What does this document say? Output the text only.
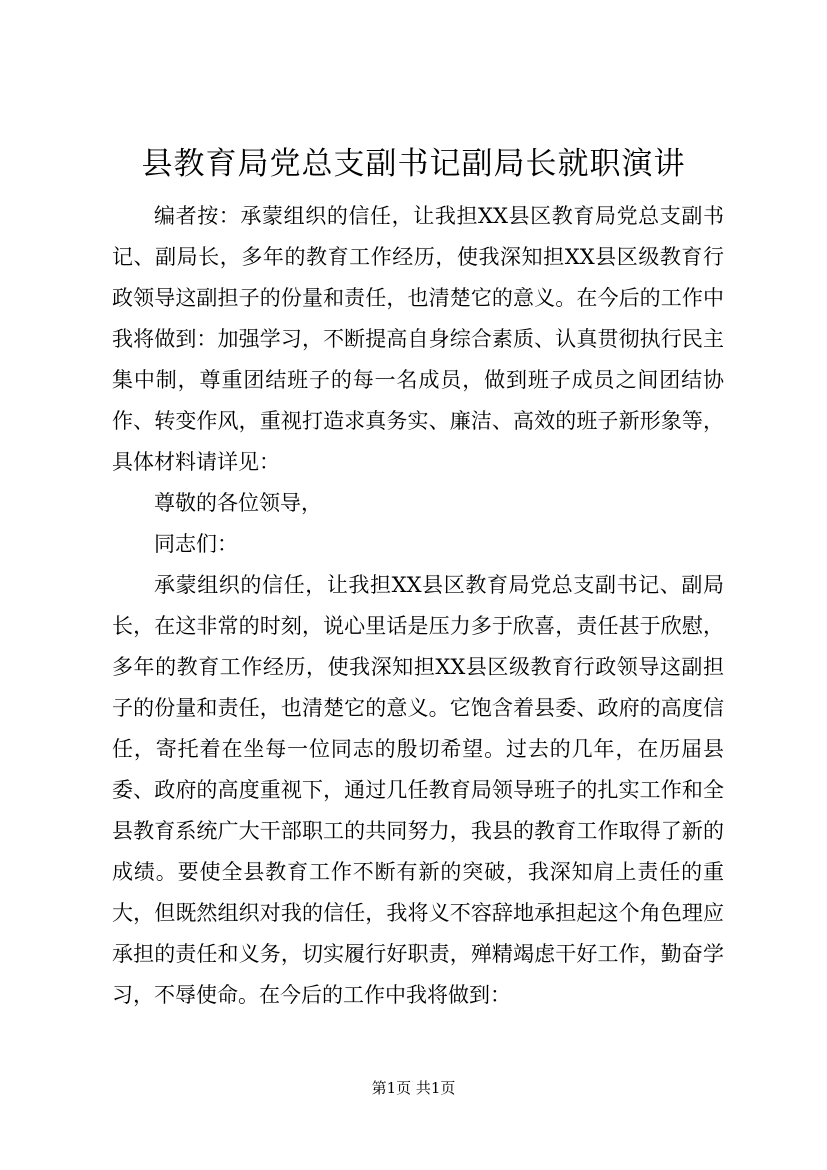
县教育局党总支副书记副局长就职演讲

编者按：承蒙组织的信任，让我担XX县区教育局党总支副书记、副局长，多年的教育工作经历，使我深知担XX县区级教育行政领导这副担子的份量和责任，也清楚它的意义。在今后的工作中我将做到：加强学习，不断提高自身综合素质、认真贯彻执行民主集中制，尊重团结班子的每一名成员，做到班子成员之间团结协作、转变作风，重视打造求真务实、廉洁、高效的班子新形象等，具体材料请详见：

尊敬的各位领导，

同志们：

承蒙组织的信任，让我担XX县区教育局党总支副书记、副局长，在这非常的时刻，说心里话是压力多于欣喜，责任甚于欣慰，多年的教育工作经历，使我深知担XX县区级教育行政领导这副担子的份量和责任，也清楚它的意义。它饱含着县委、政府的高度信任，寄托着在坐每一位同志的殷切希望。过去的几年，在历届县委、政府的高度重视下，通过几任教育局领导班子的扎实工作和全县教育系统广大干部职工的共同努力，我县的教育工作取得了新的成绩。要使全县教育工作不断有新的突破，我深知肩上责任的重大，但既然组织对我的信任，我将义不容辞地承担起这个角色理应承担的责任和义务，切实履行好职责，殚精竭虑干好工作，勤奋学习，不辱使命。在今后的工作中我将做到：

第1页 共1页
